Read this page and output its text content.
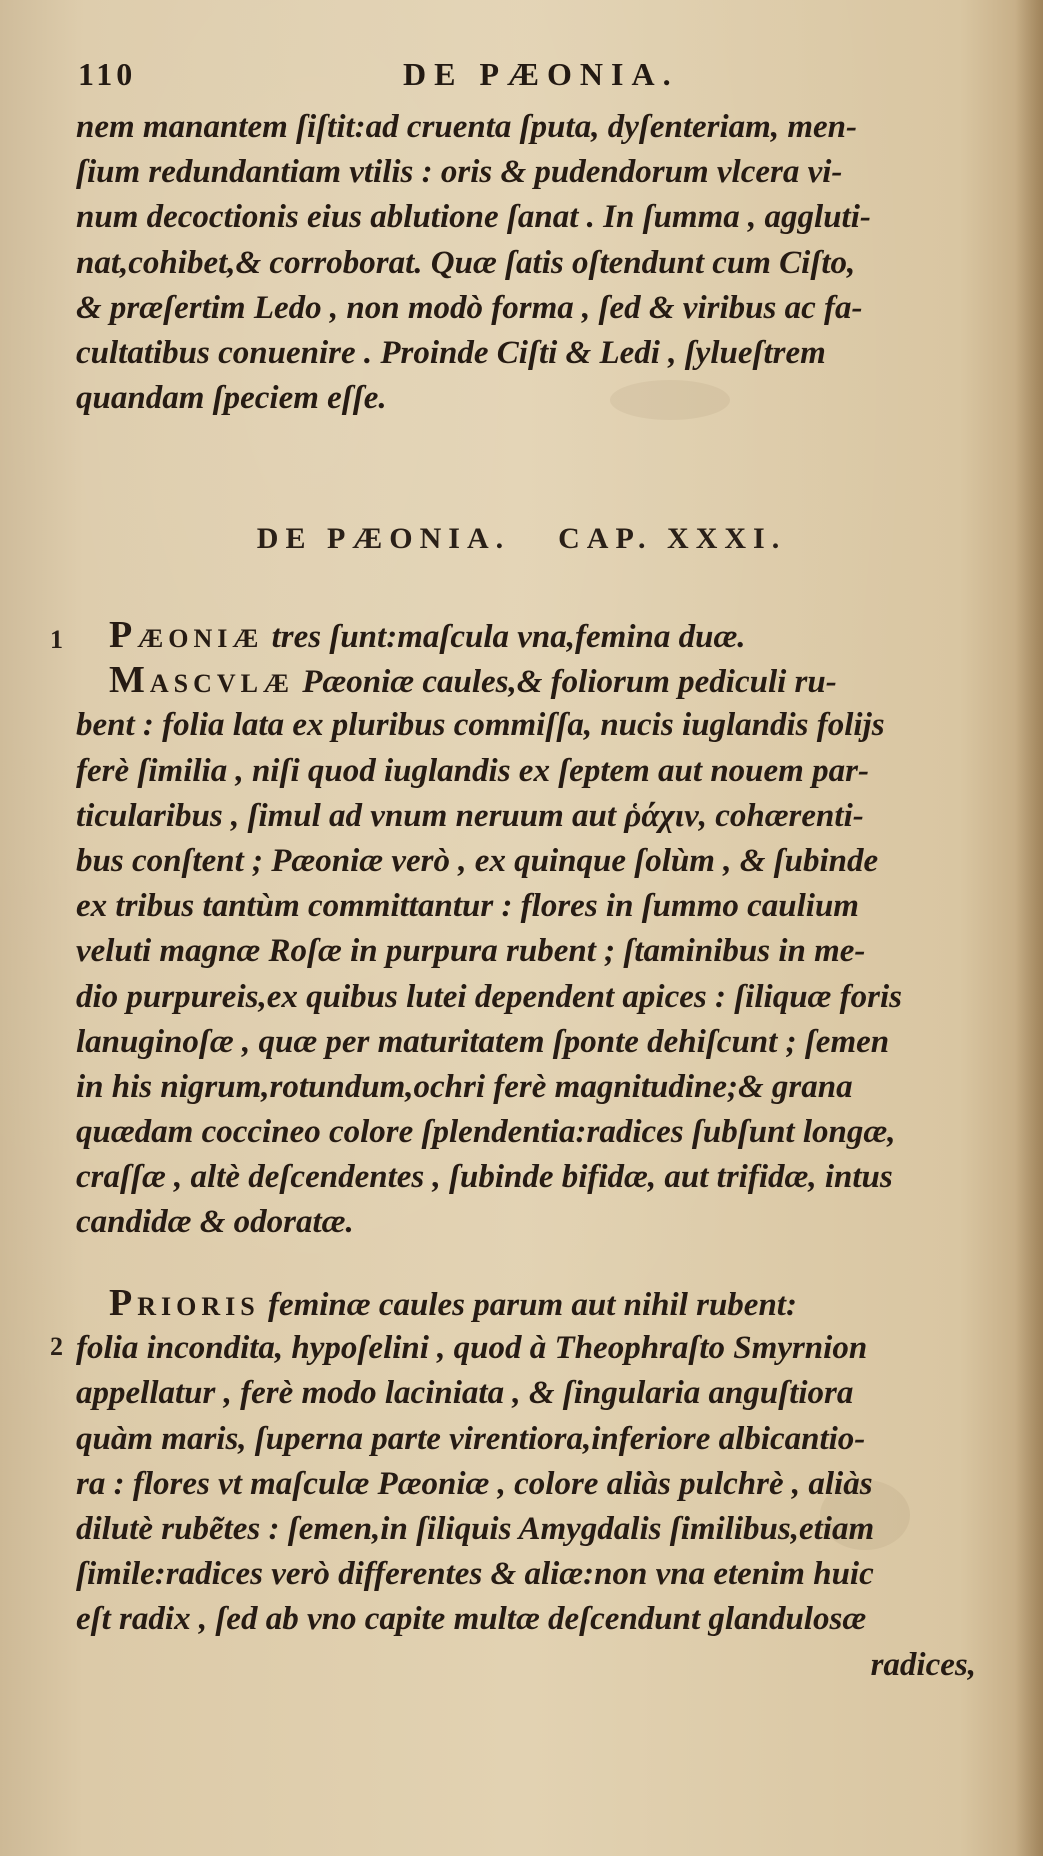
110	DE PÆONIA.
nem manantem ſiſtit:ad cruenta ſputa, dyſenteriam, men-
ſium redundantiam vtilis : oris & pudendorum vlcera vi-
num decoctionis eius ablutione ſanat . In ſumma , aggluti-
nat,cohibet,& corroborat. Quæ ſatis oſtendunt cum Ciſto,
& præſertim Ledo , non modò forma , ſed & viribus ac fa-
cultatibus conuenire . Proinde Ciſti & Ledi , ſylueſtrem
quandam ſpeciem eſſe.
DE PÆONIA. CAP. XXXI.
1
 	PÆONIÆ tres ſunt:maſcula vna,femina duæ.
 MASCVLÆ Pæoniæ caules,& foliorum pediculi ru-
bent : folia lata ex pluribus commiſſa, nucis iuglandis folijs
ferè ſimilia , niſi quod iuglandis ex ſeptem aut nouem par-
ticularibus , ſimul ad vnum neruum aut ῥάχιν, cohærenti-
bus conſtent ; Pæoniæ verò , ex quinque ſolùm , & ſubinde
ex tribus tantùm committantur : flores in ſummo caulium
veluti magnæ Roſæ in purpura rubent ; ſtaminibus in me-
dio purpureis,ex quibus lutei dependent apices : ſiliquæ foris
lanuginoſæ , quæ per maturitatem ſponte dehiſcunt ; ſemen
in his nigrum,rotundum,ochri ferè magnitudine;& grana
quædam coccineo colore ſplendentia:radices ſubſunt longæ,
craſſæ , altè deſcendentes , ſubinde bifidæ, aut trifidæ, intus
candidæ & odoratæ.
2
 PRIORIS feminæ caules parum aut nihil rubent:
folia incondita, hypoſelini , quod à Theophraſto Smyrnion
appellatur , ferè modo laciniata , & ſingularia anguſtiora
quàm maris, ſuperna parte virentiora,inferiore albicantio-
ra : flores vt maſculæ Pæoniæ , colore aliàs pulchrè , aliàs
dilutè rubẽtes : ſemen,in ſiliquis Amygdalis ſimilibus,etiam
ſimile:radices verò differentes & aliæ:non vna etenim huic
eſt radix , ſed ab vno capite multæ deſcendunt glandulosæ
radices,
